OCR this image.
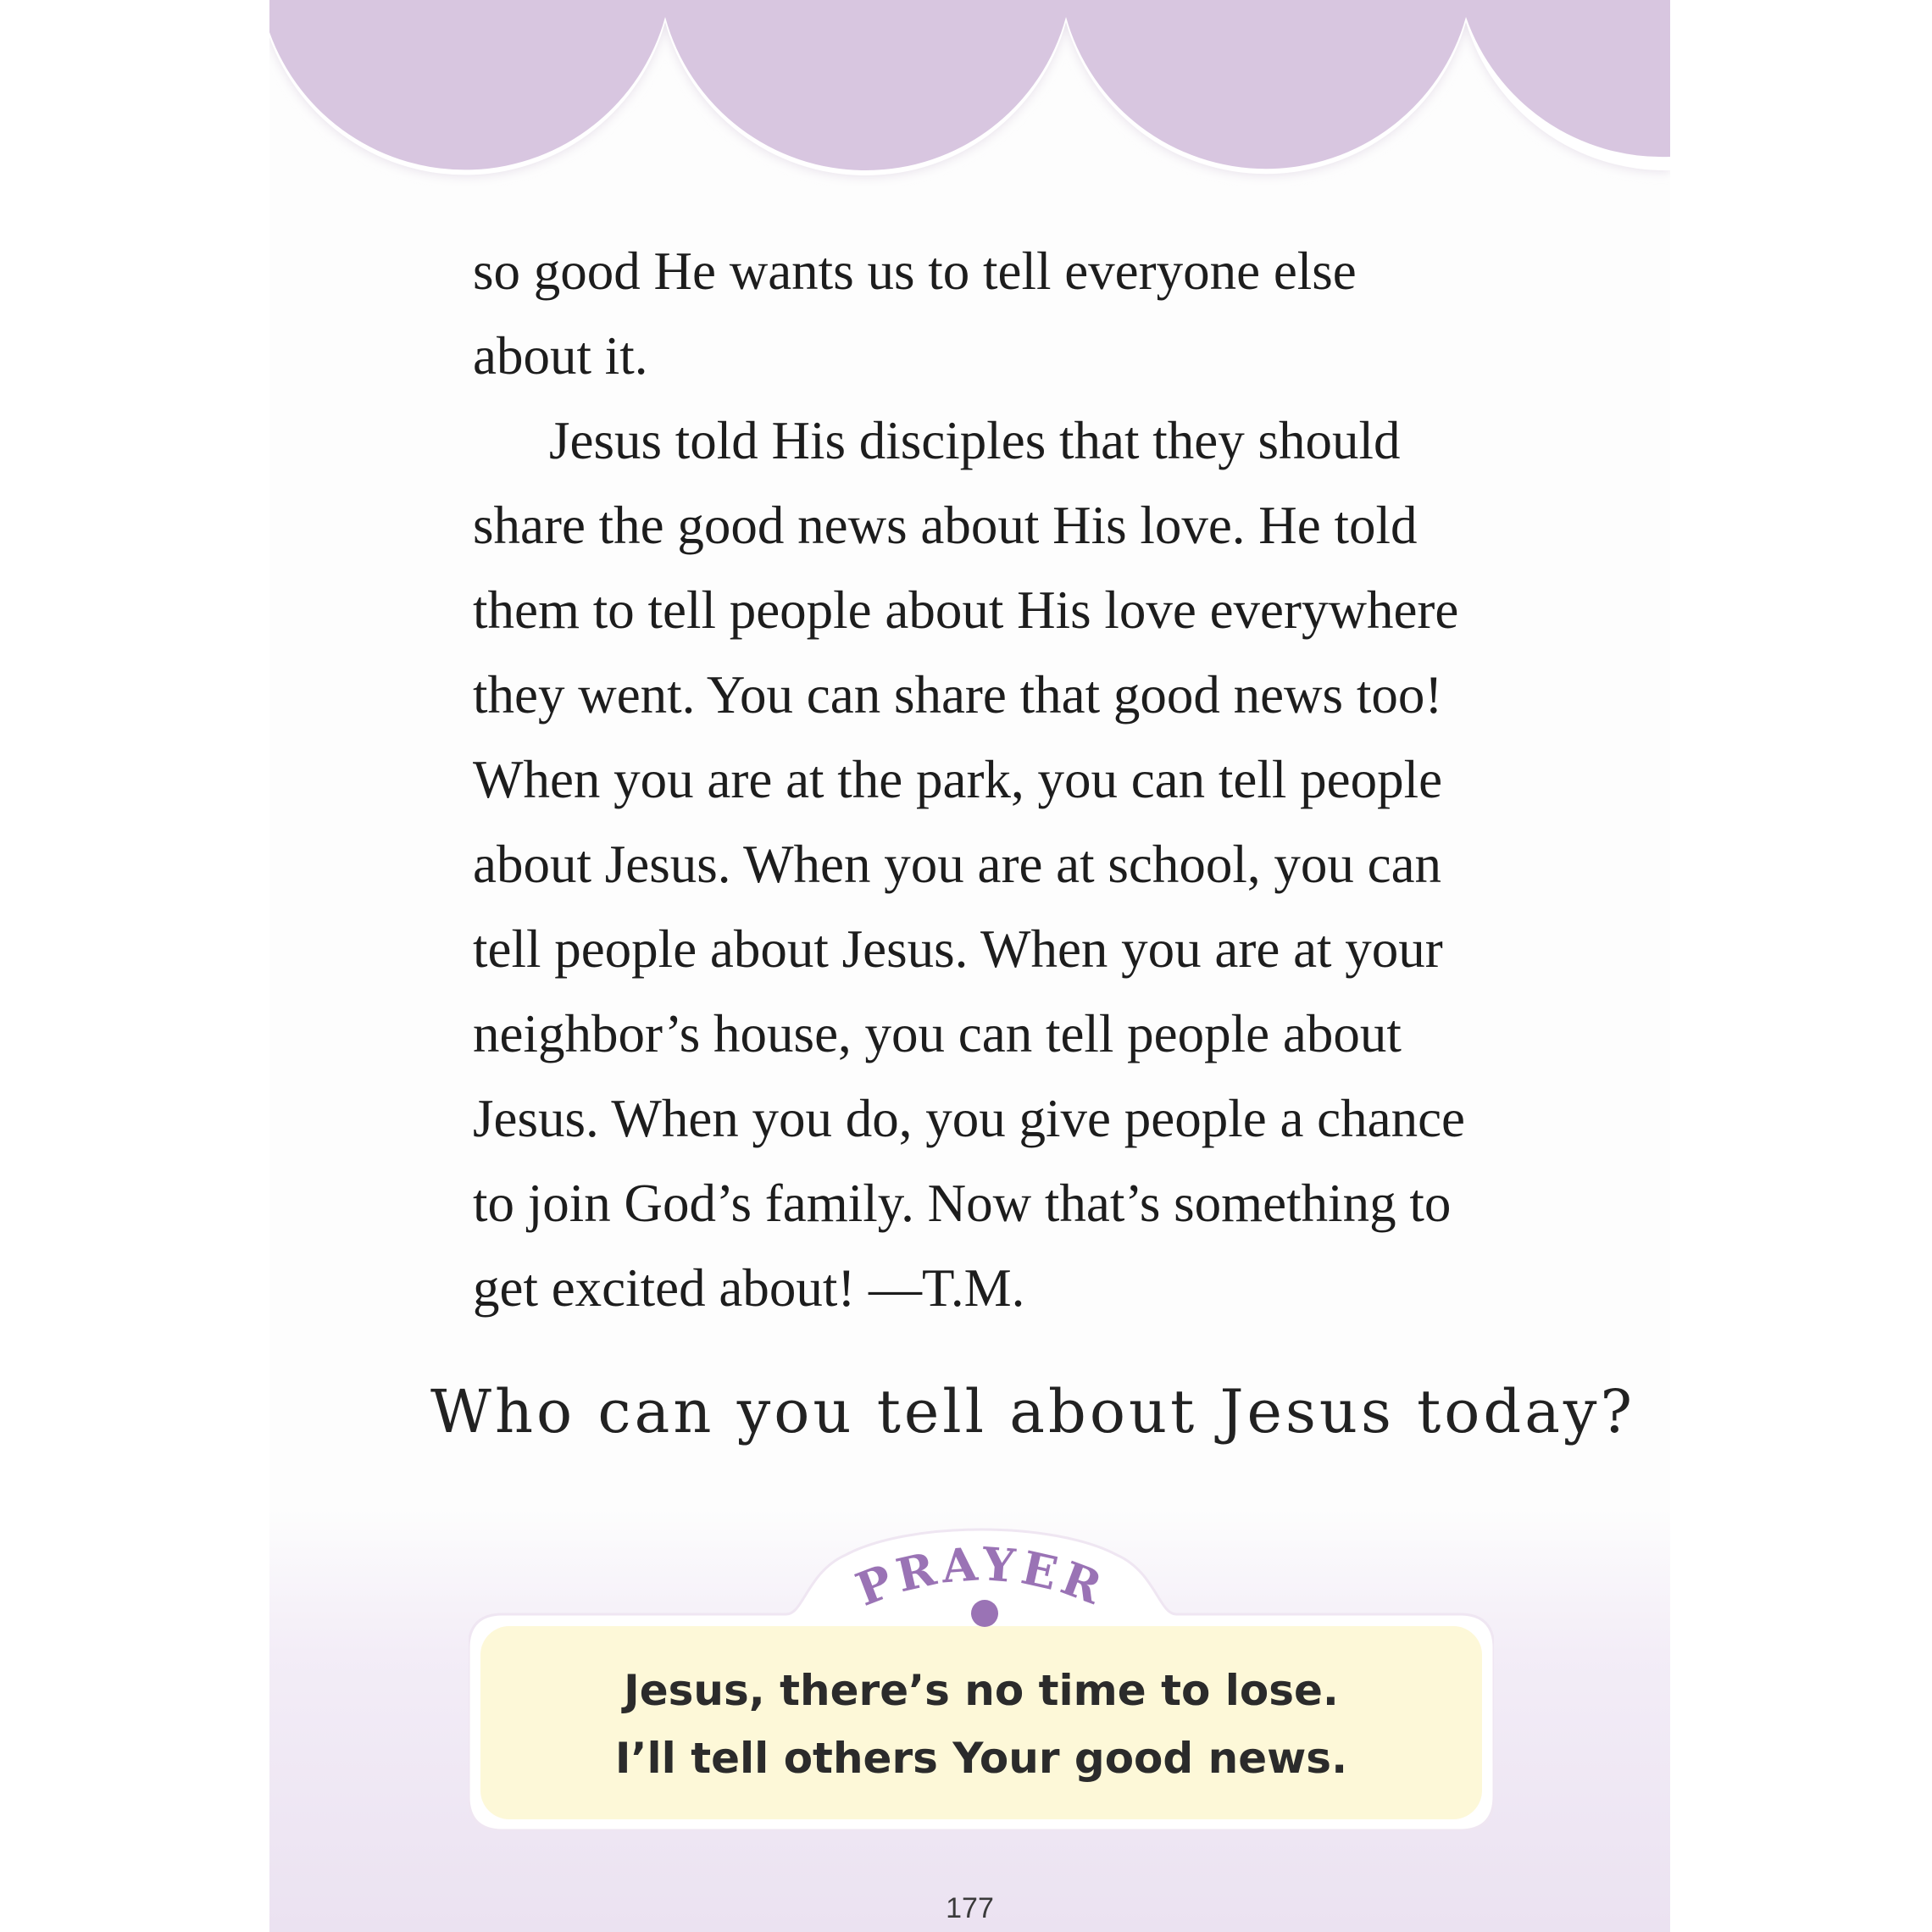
so good He wants us to tell everyone else
about it.
Jesus told His disciples that they should
share the good news about His love. He told
them to tell people about His love everywhere
they went. You can share that good news too!
When you are at the park, you can tell people
about Jesus. When you are at school, you can
tell people about Jesus. When you are at your
neighbor’s house, you can tell people about
Jesus. When you do, you give people a chance
to join God’s family. Now that’s something to
get excited about! —T.M.

Who can you tell about Jesus today?

PRAYER

Jesus, there’s no time to lose.
I’ll tell others Your good news.

177
